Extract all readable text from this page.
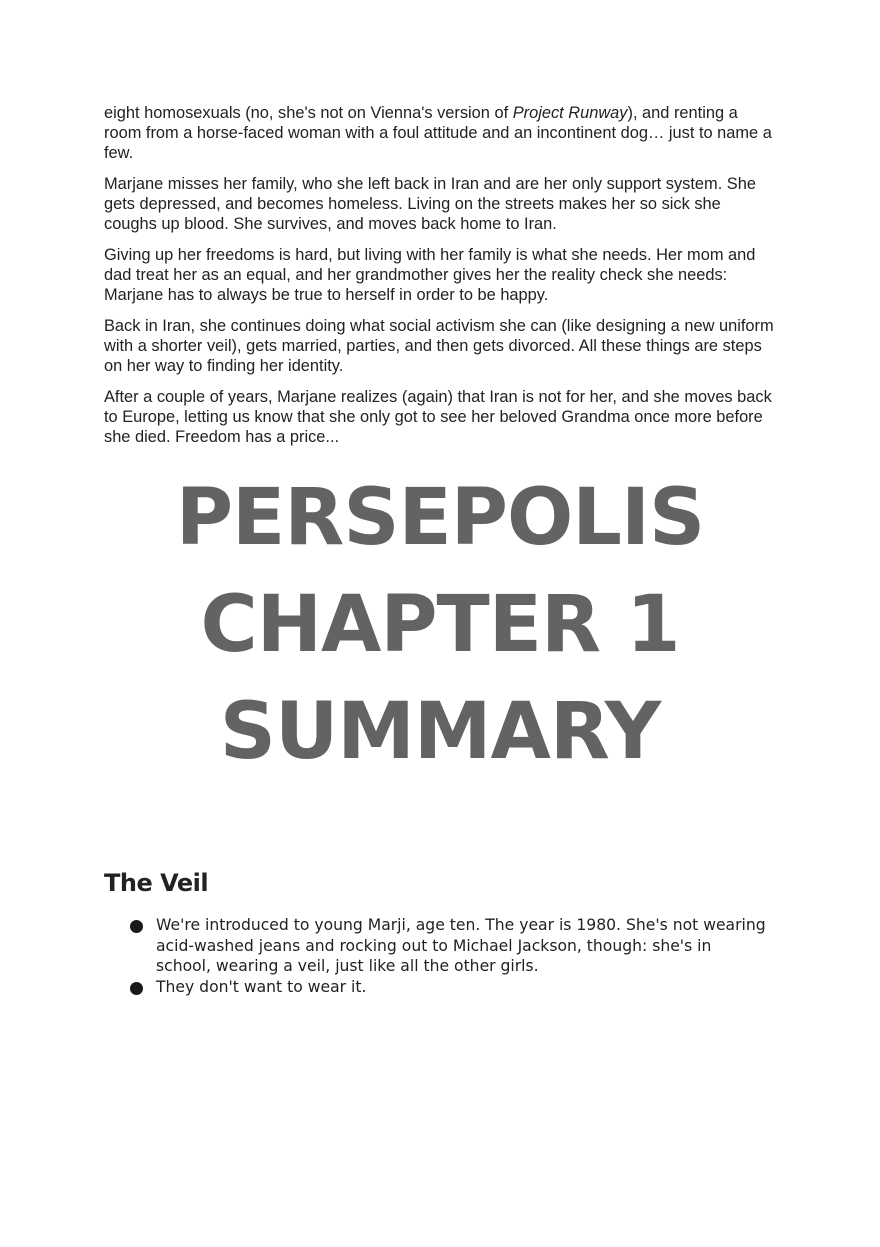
eight homosexuals (no, she's not on Vienna's version of Project Runway), and renting a room from a horse-faced woman with a foul attitude and an incontinent dog… just to name a few.

Marjane misses her family, who she left back in Iran and are her only support system. She gets depressed, and becomes homeless. Living on the streets makes her so sick she coughs up blood. She survives, and moves back home to Iran.

Giving up her freedoms is hard, but living with her family is what she needs. Her mom and dad treat her as an equal, and her grandmother gives her the reality check she needs: Marjane has to always be true to herself in order to be happy.

Back in Iran, she continues doing what social activism she can (like designing a new uniform with a shorter veil), gets married, parties, and then gets divorced. All these things are steps on her way to finding her identity.

After a couple of years, Marjane realizes (again) that Iran is not for her, and she moves back to Europe, letting us know that she only got to see her beloved Grandma once more before she died. Freedom has a price...

PERSEPOLIS
CHAPTER 1
SUMMARY
The Veil
We're introduced to young Marji, age ten. The year is 1980. She's not wearing acid-washed jeans and rocking out to Michael Jackson, though: she's in school, wearing a veil, just like all the other girls.
They don't want to wear it.
